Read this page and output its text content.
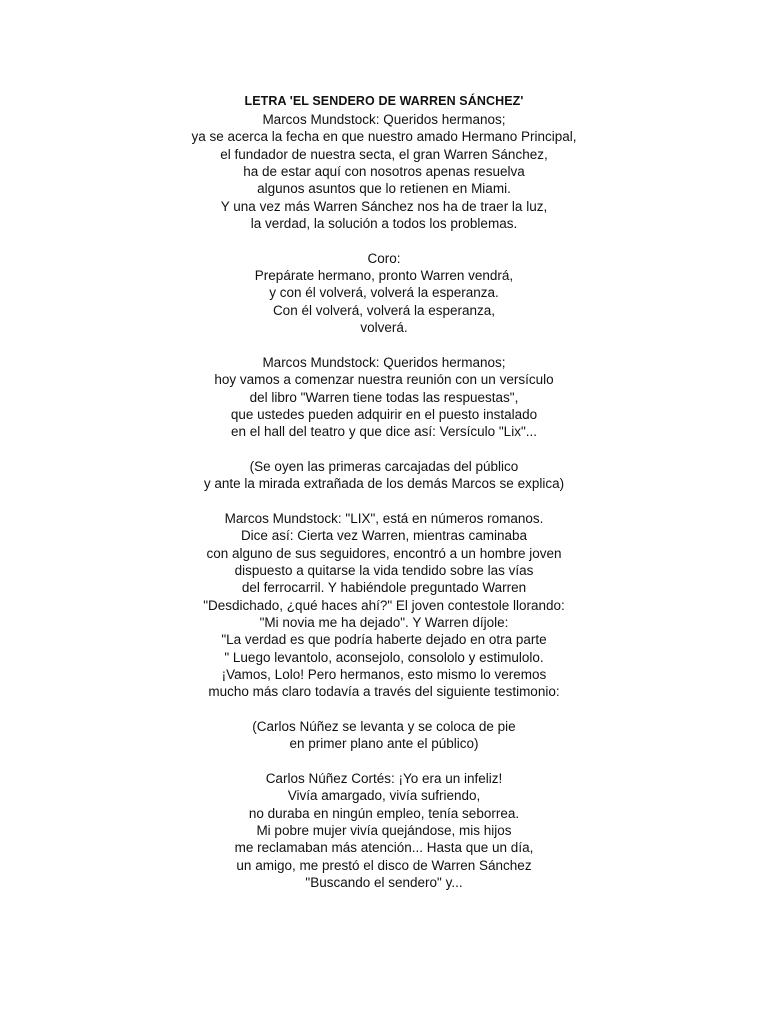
LETRA 'EL SENDERO DE WARREN SÁNCHEZ'
Marcos Mundstock: Queridos hermanos;
ya se acerca la fecha en que nuestro amado Hermano Principal,
el fundador de nuestra secta, el gran Warren Sánchez,
ha de estar aquí con nosotros apenas resuelva
algunos asuntos que lo retienen en Miami.
Y una vez más Warren Sánchez nos ha de traer la luz,
la verdad, la solución a todos los problemas.
Coro:
Prepárate hermano, pronto Warren vendrá,
y con él volverá, volverá la esperanza.
Con él volverá, volverá la esperanza,
volverá.
Marcos Mundstock: Queridos hermanos;
hoy vamos a comenzar nuestra reunión con un versículo
del libro "Warren tiene todas las respuestas",
que ustedes pueden adquirir en el puesto instalado
en el hall del teatro y que dice así: Versículo "Lix"...
(Se oyen las primeras carcajadas del público
y ante la mirada extrañada de los demás Marcos se explica)
Marcos Mundstock: "LIX", está en números romanos.
Dice así: Cierta vez Warren, mientras caminaba
con alguno de sus seguidores, encontró a un hombre joven
dispuesto a quitarse la vida tendido sobre las vías
del ferrocarril. Y habiéndole preguntado Warren
"Desdichado, ¿qué haces ahí?" El joven contestole llorando:
"Mi novia me ha dejado". Y Warren díjole:
"La verdad es que podría haberte dejado en otra parte
" Luego levantolo, aconsejolo, consololo y estimulolo.
¡Vamos, Lolo! Pero hermanos, esto mismo lo veremos
mucho más claro todavía a través del siguiente testimonio:
(Carlos Núñez se levanta y se coloca de pie
en primer plano ante el público)
Carlos Núñez Cortés: ¡Yo era un infeliz!
Vivía amargado, vivía sufriendo,
no duraba en ningún empleo, tenía seborrea.
Mi pobre mujer vivía quejándose, mis hijos
me reclamaban más atención... Hasta que un día,
un amigo, me prestó el disco de Warren Sánchez
"Buscando el sendero" y...
